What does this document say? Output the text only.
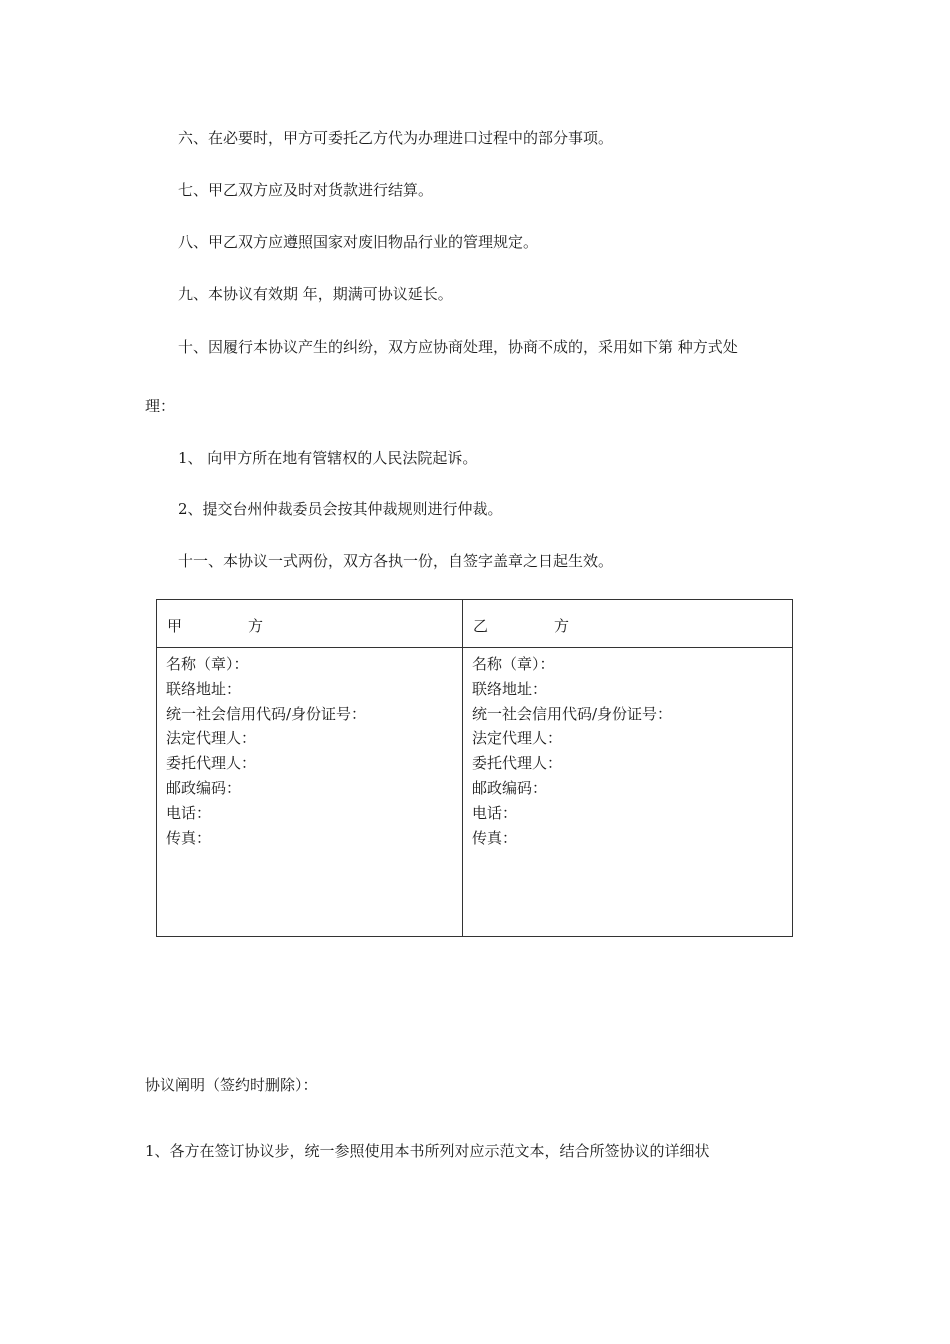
六、在必要时，甲方可委托乙方代为办理进口过程中的部分事项。
七、甲乙双方应及时对货款进行结算。
八、甲乙双方应遵照国家对废旧物品行业的管理规定。
九、本协议有效期 年，期满可协议延长。
十、因履行本协议产生的纠纷，双方应协商处理，协商不成的，采用如下第 种方式处
理：
1、 向甲方所在地有管辖权的人民法院起诉。
2、提交台州仲裁委员会按其仲裁规则进行仲裁。
十一、本协议一式两份，双方各执一份，自签字盖章之日起生效。
甲	方
名称（章）：
联络地址：
统一社会信用代码/身份证号：
法定代理人：
委托代理人：
邮政编码：
电话：
传真：
乙	方
名称（章）：
联络地址：
统一社会信用代码/身份证号：
法定代理人：
委托代理人：
邮政编码：
电话：
传真：
协议阐明（签约时删除）：
1、各方在签订协议步，统一参照使用本书所列对应示范文本，结合所签协议的详细状
